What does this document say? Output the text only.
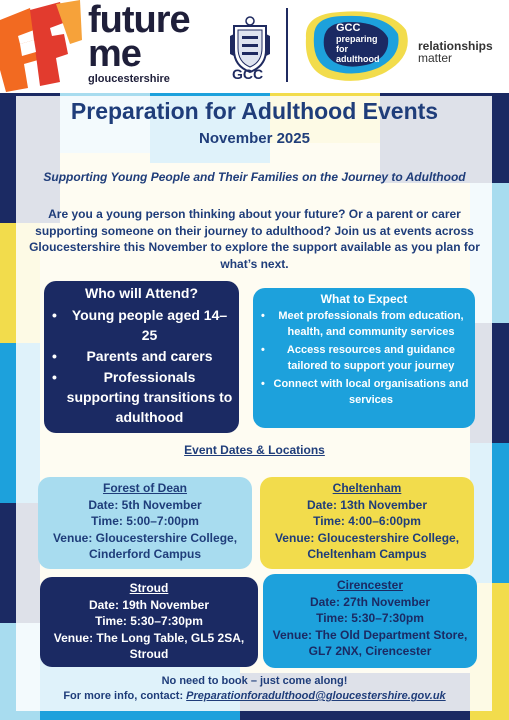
future
me
gloucestershire	GCC
GCC
preparing
for
adulthood
relationships
matter
Preparation for Adulthood Events
November 2025
Supporting Young People and Their Families on the Journey to Adulthood
Are you a young person thinking about your future? Or a parent or carer supporting someone on their journey to adulthood? Join us at events across Gloucestershire this November to explore the support available as you plan for what’s next.
Who will Attend?
• Young people aged 14–25
• Parents and carers
• Professionals supporting transitions to adulthood
What to Expect
• Meet professionals from education, health, and community services
• Access resources and guidance tailored to support your journey
• Connect with local organisations and services
Event Dates & Locations
Forest of Dean
Date: 5th November
Time: 5:00–7:00pm
Venue: Gloucestershire College, Cinderford Campus
Cheltenham
Date: 13th November
Time: 4:00–6:00pm
Venue: Gloucestershire College, Cheltenham Campus
Stroud
Date: 19th November
Time: 5:30–7:30pm
Venue: The Long Table, GL5 2SA, Stroud
Cirencester
Date: 27th November
Time: 5:30–7:30pm
Venue: The Old Department Store, GL7 2NX, Cirencester
No need to book – just come along!
For more info, contact: Preparationforadulthood@gloucestershire.gov.uk
